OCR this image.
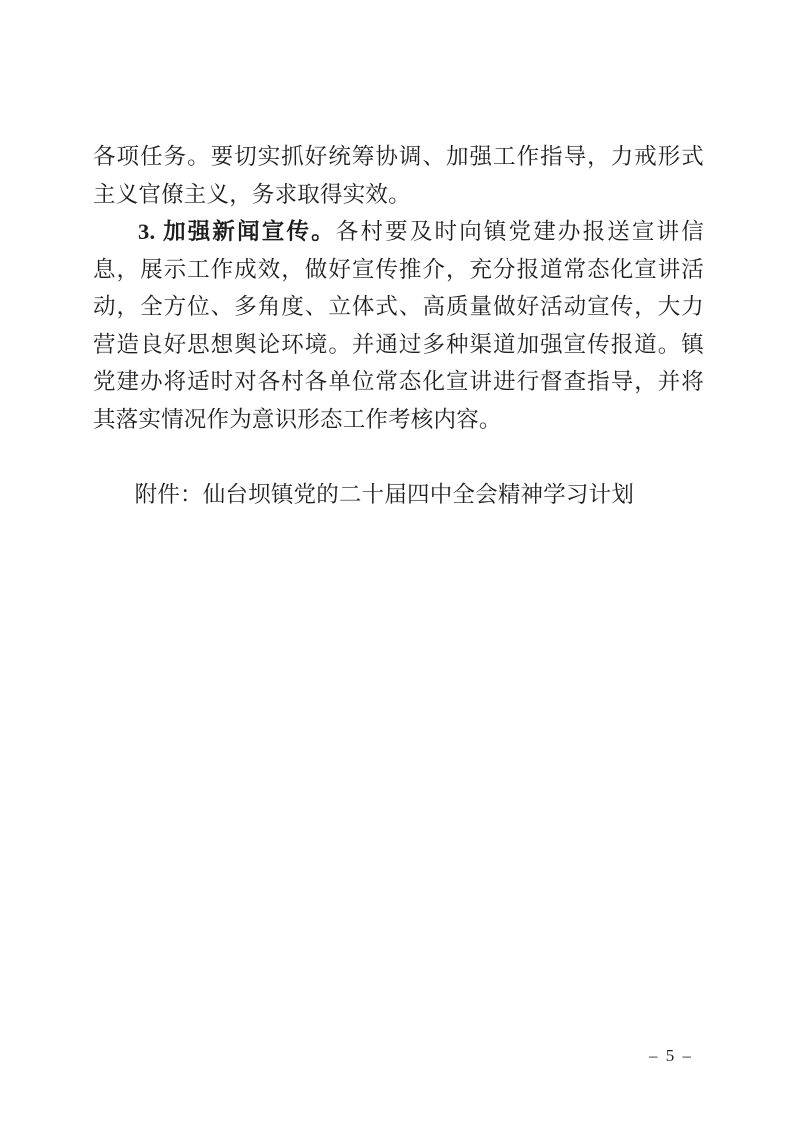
各项任务。要切实抓好统筹协调、加强工作指导，力戒形式主义官僚主义，务求取得实效。

3. 加强新闻宣传。各村要及时向镇党建办报送宣讲信息，展示工作成效，做好宣传推介，充分报道常态化宣讲活动，全方位、多角度、立体式、高质量做好活动宣传，大力营造良好思想舆论环境。并通过多种渠道加强宣传报道。镇党建办将适时对各村各单位常态化宣讲进行督查指导，并将其落实情况作为意识形态工作考核内容。

附件：仙台坝镇党的二十届四中全会精神学习计划

– 5 –
